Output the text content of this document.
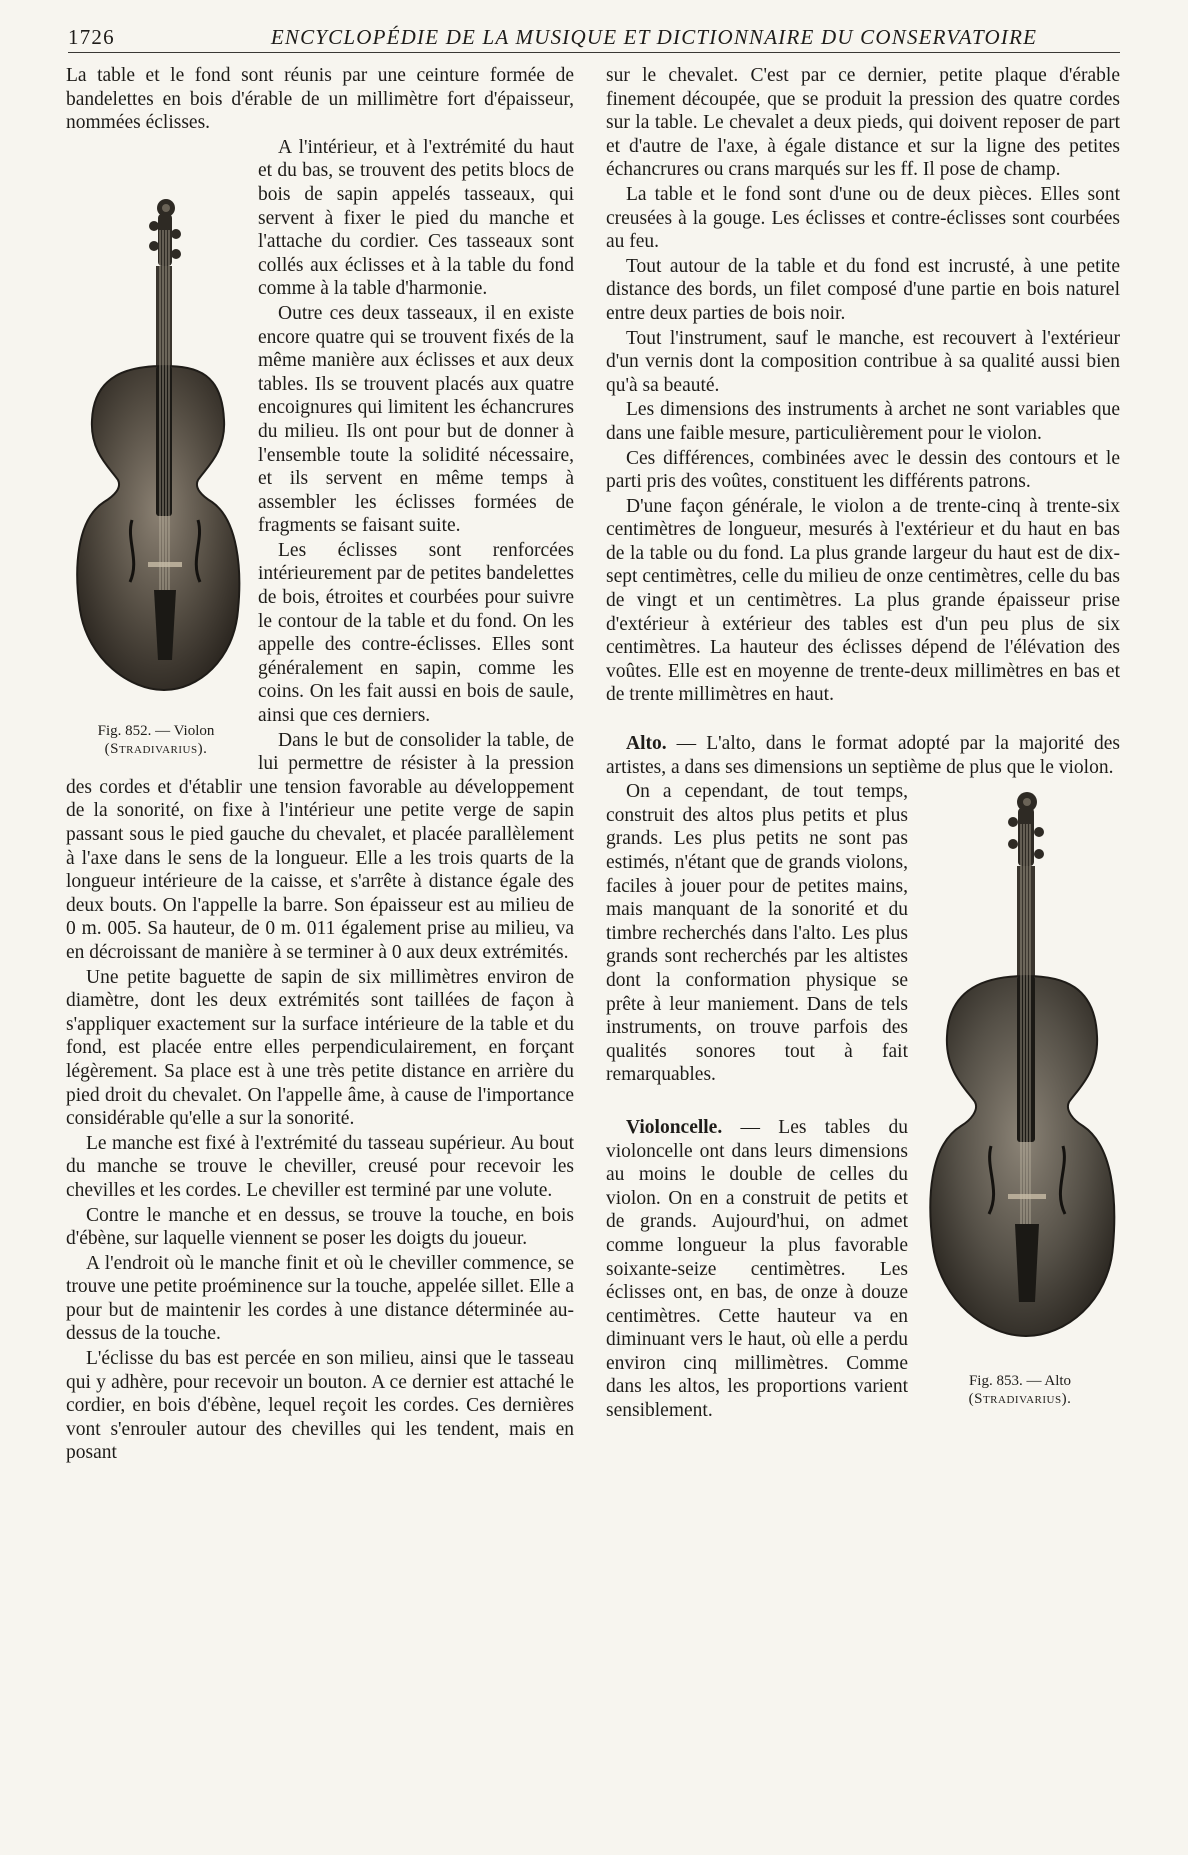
1726	ENCYCLOPÉDIE DE LA MUSIQUE ET DICTIONNAIRE DU CONSERVATOIRE

La table et le fond sont réunis par une ceinture formée de bandelettes en bois d'érable de un millimètre fort d'épaisseur, nommées éclisses.

Fig. 852. — Violon
(Stradivarius).

A l'intérieur, et à l'extrémité du haut et du bas, se trouvent des petits blocs de bois de sapin appelés tasseaux, qui servent à fixer le pied du manche et l'attache du cordier. Ces tasseaux sont collés aux éclisses et à la table du fond comme à la table d'harmonie.

Outre ces deux tasseaux, il en existe encore quatre qui se trouvent fixés de la même manière aux éclisses et aux deux tables. Ils se trouvent placés aux quatre encoignures qui limitent les échancrures du milieu. Ils ont pour but de donner à l'ensemble toute la solidité nécessaire, et ils servent en même temps à assembler les éclisses formées de fragments se faisant suite.

Les éclisses sont renforcées intérieurement par de petites bandelettes de bois, étroites et courbées pour suivre le contour de la table et du fond. On les appelle des contre-éclisses. Elles sont généralement en sapin, comme les coins. On les fait aussi en bois de saule, ainsi que ces derniers.

Dans le but de consolider la table, de lui permettre de résister à la pression des cordes et d'établir une tension favorable au développement de la sonorité, on fixe à l'intérieur une petite verge de sapin passant sous le pied gauche du chevalet, et placée parallèlement à l'axe dans le sens de la longueur. Elle a les trois quarts de la longueur intérieure de la caisse, et s'arrête à distance égale des deux bouts. On l'appelle la barre. Son épaisseur est au milieu de 0 m. 005. Sa hauteur, de 0 m. 011 également prise au milieu, va en décroissant de manière à se terminer à 0 aux deux extrémités.

Une petite baguette de sapin de six millimètres environ de diamètre, dont les deux extrémités sont taillées de façon à s'appliquer exactement sur la surface intérieure de la table et du fond, est placée entre elles perpendiculairement, en forçant légèrement. Sa place est à une très petite distance en arrière du pied droit du chevalet. On l'appelle âme, à cause de l'importance considérable qu'elle a sur la sonorité.

Le manche est fixé à l'extrémité du tasseau supérieur. Au bout du manche se trouve le cheviller, creusé pour recevoir les chevilles et les cordes. Le cheviller est terminé par une volute.

Contre le manche et en dessus, se trouve la touche, en bois d'ébène, sur laquelle viennent se poser les doigts du joueur.

A l'endroit où le manche finit et où le cheviller commence, se trouve une petite proéminence sur la touche, appelée sillet. Elle a pour but de maintenir les cordes à une distance déterminée au-dessus de la touche.

L'éclisse du bas est percée en son milieu, ainsi que le tasseau qui y adhère, pour recevoir un bouton. A ce dernier est attaché le cordier, en bois d'ébène, lequel reçoit les cordes. Ces dernières vont s'enrouler autour des chevilles qui les tendent, mais en posant

sur le chevalet. C'est par ce dernier, petite plaque d'érable finement découpée, que se produit la pression des quatre cordes sur la table. Le chevalet a deux pieds, qui doivent reposer de part et d'autre de l'axe, à égale distance et sur la ligne des petites échancrures ou crans marqués sur les ff. Il pose de champ.

La table et le fond sont d'une ou de deux pièces. Elles sont creusées à la gouge. Les éclisses et contre-éclisses sont courbées au feu.

Tout autour de la table et du fond est incrusté, à une petite distance des bords, un filet composé d'une partie en bois naturel entre deux parties de bois noir.

Tout l'instrument, sauf le manche, est recouvert à l'extérieur d'un vernis dont la composition contribue à sa qualité aussi bien qu'à sa beauté.

Les dimensions des instruments à archet ne sont variables que dans une faible mesure, particulièrement pour le violon.

Ces différences, combinées avec le dessin des contours et le parti pris des voûtes, constituent les différents patrons.

D'une façon générale, le violon a de trente-cinq à trente-six centimètres de longueur, mesurés à l'extérieur et du haut en bas de la table ou du fond. La plus grande largeur du haut est de dix-sept centimètres, celle du milieu de onze centimètres, celle du bas de vingt et un centimètres. La plus grande épaisseur prise d'extérieur à extérieur des tables est d'un peu plus de six centimètres. La hauteur des éclisses dépend de l'élévation des voûtes. Elle est en moyenne de trente-deux millimètres en bas et de trente millimètres en haut.

Alto. — L'alto, dans le format adopté par la majorité des artistes, a dans ses dimensions un septième de plus que le violon.

Fig. 853. — Alto
(Stradivarius).

On a cependant, de tout temps, construit des altos plus petits et plus grands. Les plus petits ne sont pas estimés, n'étant que de grands violons, faciles à jouer pour de petites mains, mais manquant de la sonorité et du timbre recherchés dans l'alto. Les plus grands sont recherchés par les altistes dont la conformation physique se prête à leur maniement. Dans de tels instruments, on trouve parfois des qualités sonores tout à fait remarquables.

Violoncelle. — Les tables du violoncelle ont dans leurs dimensions au moins le double de celles du violon. On en a construit de petits et de grands. Aujourd'hui, on admet comme longueur la plus favorable soixante-seize centimètres. Les éclisses ont, en bas, de onze à douze centimètres. Cette hauteur va en diminuant vers le haut, où elle a perdu environ cinq millimètres. Comme dans les altos, les proportions varient sensiblement.
